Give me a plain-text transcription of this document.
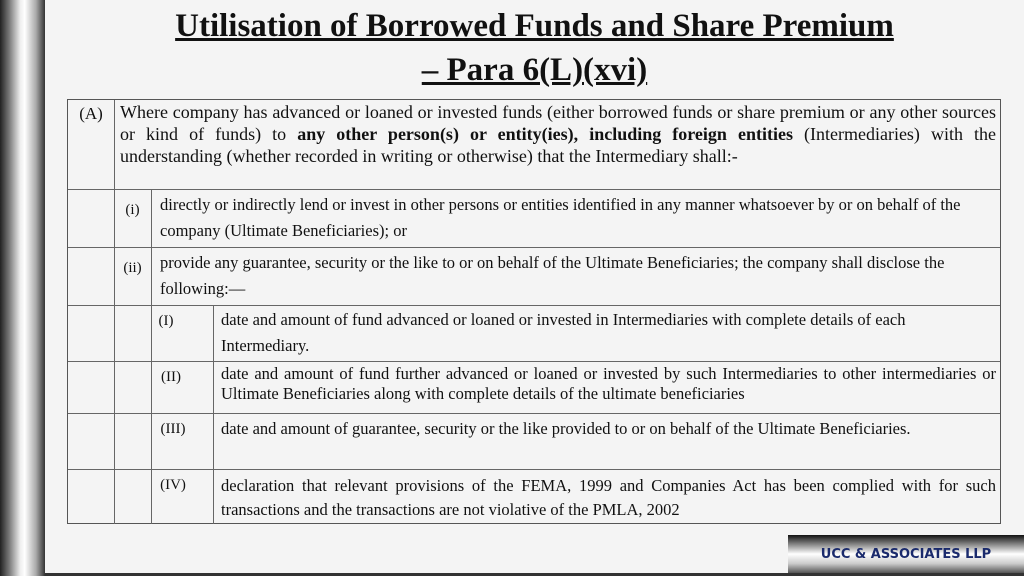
Utilisation of Borrowed Funds and Share Premium
– Para 6(L)(xvi)
(A) Where company has advanced or loaned or invested funds (either borrowed funds or share premium or any other sources or kind of funds) to any other person(s) or entity(ies), including foreign entities (Intermediaries) with the understanding (whether recorded in writing or otherwise) that the Intermediary shall:-
(i)	directly or indirectly lend or invest in other persons or entities identified in any manner whatsoever by or on behalf of the company (Ultimate Beneficiaries); or
(ii)	provide any guarantee, security or the like to or on behalf of the Ultimate Beneficiaries; the company shall disclose the following:—
(I)	date and amount of fund advanced or loaned or invested in Intermediaries with complete details of each Intermediary.
(II)	date and amount of fund further advanced or loaned or invested by such Intermediaries to other intermediaries or Ultimate Beneficiaries along with complete details of the ultimate beneficiaries
(III)	date and amount of guarantee, security or the like provided to or on behalf of the Ultimate Beneficiaries.
(IV)	declaration that relevant provisions of the FEMA, 1999 and Companies Act has been complied with for such transactions and the transactions are not violative of the PMLA, 2002
UCC & ASSOCIATES LLP
